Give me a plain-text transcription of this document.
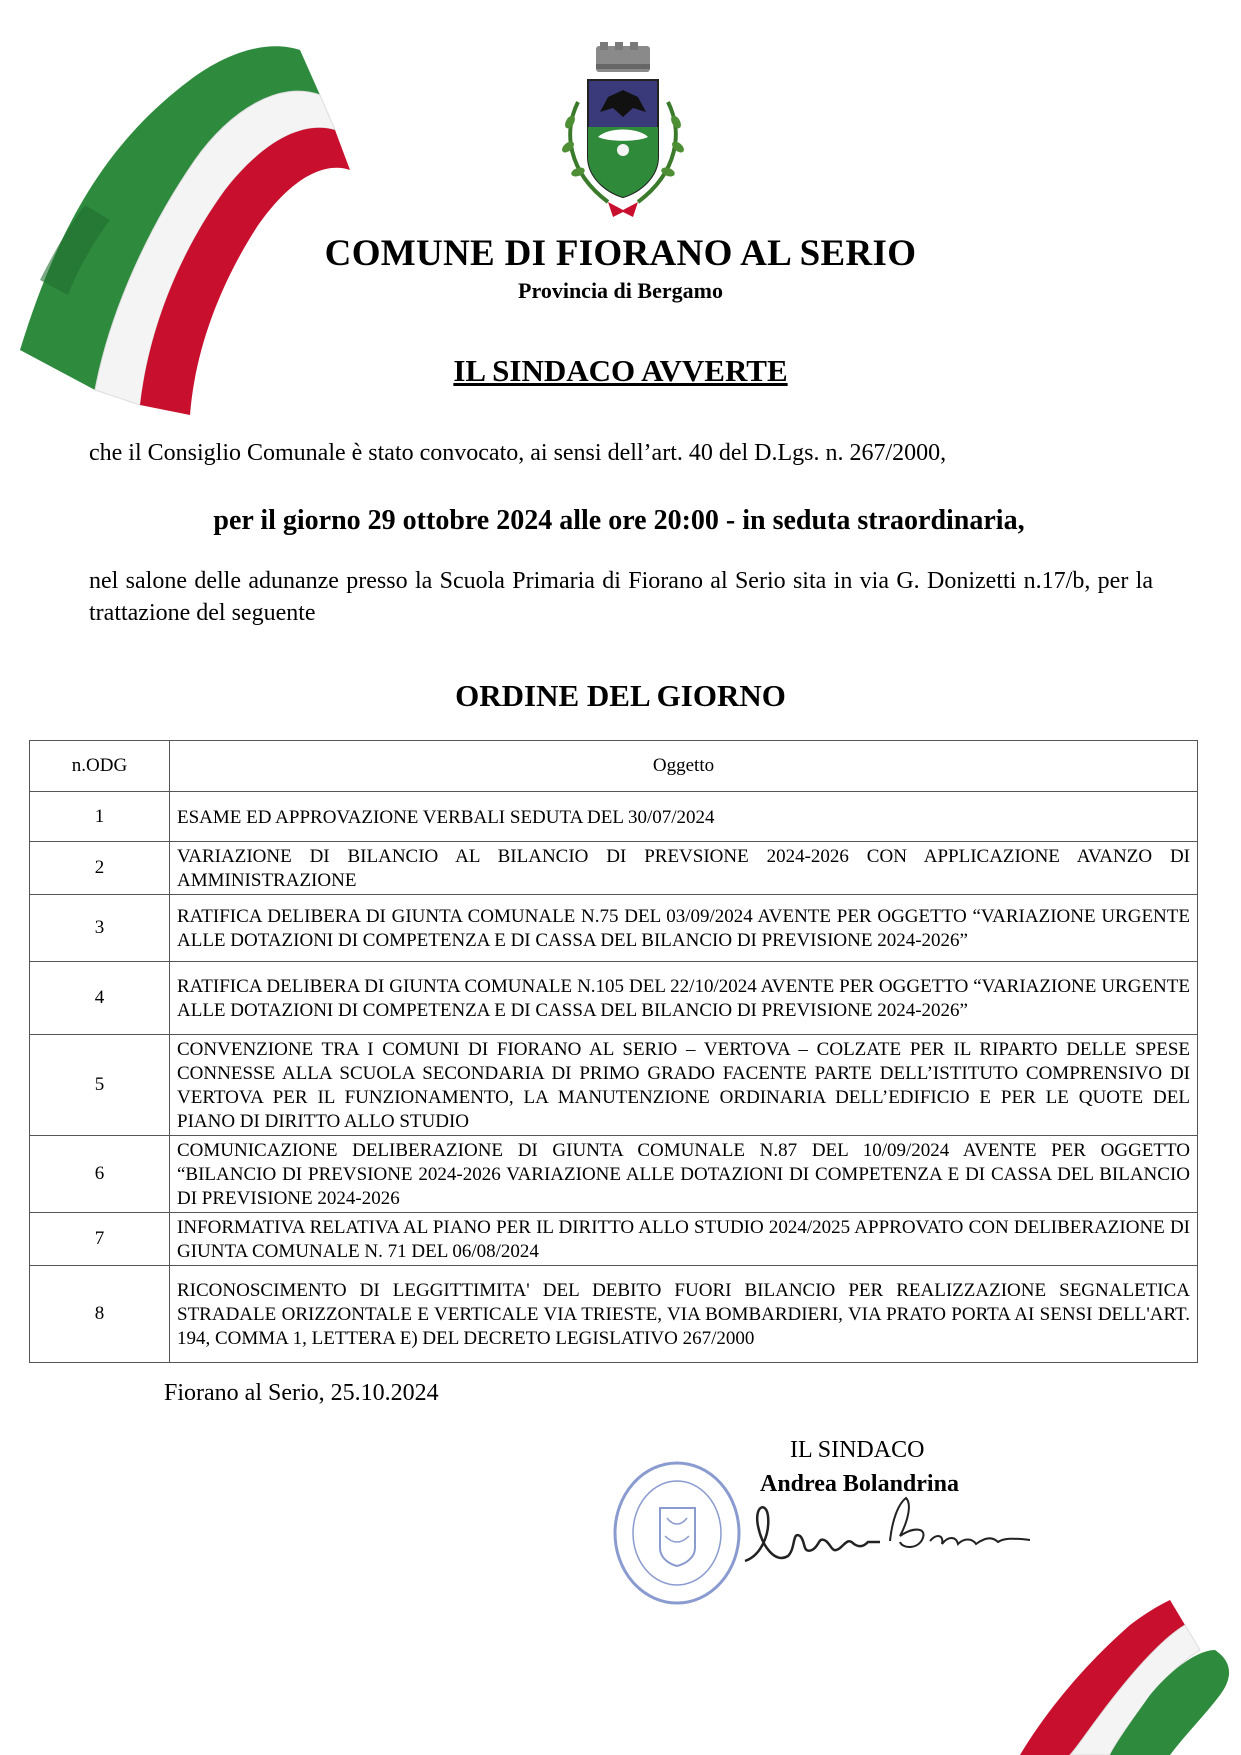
COMUNE DI FIORANO AL SERIO
Provincia di Bergamo
IL SINDACO AVVERTE
che il Consiglio Comunale è stato convocato, ai sensi dell’art. 40 del D.Lgs. n. 267/2000,
per il giorno 29 ottobre 2024 alle ore 20:00 - in seduta straordinaria,
nel salone delle adunanze presso la Scuola Primaria di Fiorano al Serio sita in via G. Donizetti n.17/b, per la trattazione del seguente
ORDINE DEL GIORNO
n.ODG	Oggetto
1	ESAME ED APPROVAZIONE VERBALI SEDUTA DEL 30/07/2024
2	VARIAZIONE DI BILANCIO AL BILANCIO DI PREVSIONE 2024-2026 CON APPLICAZIONE AVANZO DI AMMINISTRAZIONE
3	RATIFICA DELIBERA DI GIUNTA COMUNALE N.75 DEL 03/09/2024 AVENTE PER OGGETTO “VARIAZIONE URGENTE ALLE DOTAZIONI DI COMPETENZA E DI CASSA DEL BILANCIO DI PREVISIONE 2024-2026”
4	RATIFICA DELIBERA DI GIUNTA COMUNALE N.105 DEL 22/10/2024 AVENTE PER OGGETTO “VARIAZIONE URGENTE ALLE DOTAZIONI DI COMPETENZA E DI CASSA DEL BILANCIO DI PREVISIONE 2024-2026”
5	CONVENZIONE TRA I COMUNI DI FIORANO AL SERIO – VERTOVA – COLZATE PER IL RIPARTO DELLE SPESE CONNESSE ALLA SCUOLA SECONDARIA DI PRIMO GRADO FACENTE PARTE DELL’ISTITUTO COMPRENSIVO DI VERTOVA PER IL FUNZIONAMENTO, LA MANUTENZIONE ORDINARIA DELL’EDIFICIO E PER LE QUOTE DEL PIANO DI DIRITTO ALLO STUDIO
6	COMUNICAZIONE DELIBERAZIONE DI GIUNTA COMUNALE N.87 DEL 10/09/2024 AVENTE PER OGGETTO “BILANCIO DI PREVSIONE 2024-2026 VARIAZIONE ALLE DOTAZIONI DI COMPETENZA E DI CASSA DEL BILANCIO DI PREVISIONE 2024-2026
7	INFORMATIVA RELATIVA AL PIANO PER IL DIRITTO ALLO STUDIO 2024/2025 APPROVATO CON DELIBERAZIONE DI GIUNTA COMUNALE N. 71 DEL 06/08/2024
8	RICONOSCIMENTO DI LEGGITTIMITA' DEL DEBITO FUORI BILANCIO PER REALIZZAZIONE SEGNALETICA STRADALE ORIZZONTALE E VERTICALE VIA TRIESTE, VIA BOMBARDIERI, VIA PRATO PORTA AI SENSI DELL'ART. 194, COMMA 1, LETTERA E) DEL DECRETO LEGISLATIVO 267/2000
Fiorano al Serio, 25.10.2024
IL SINDACO
Andrea Bolandrina
